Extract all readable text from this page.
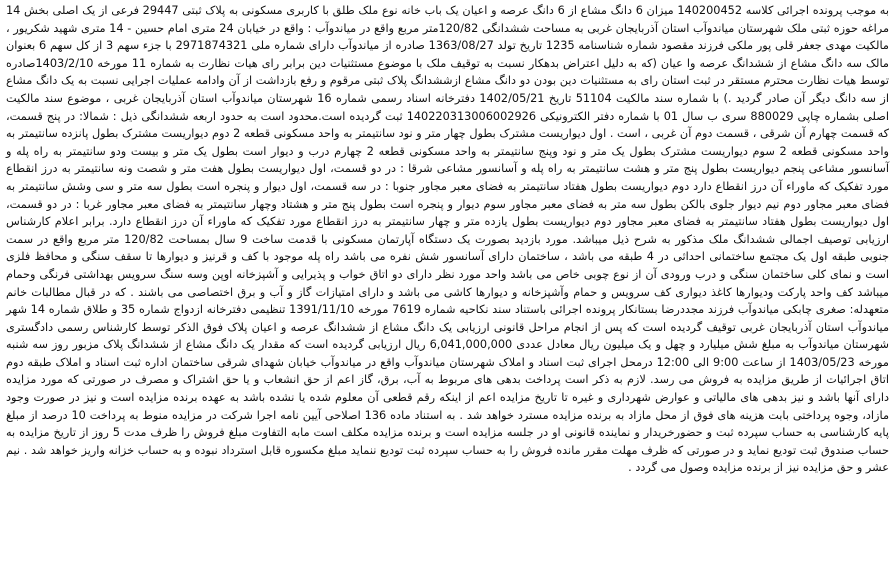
به موجب پرونده اجرائی کلاسه 140200452 میزان 6 دانگ مشاع از 6 دانگ عرصه و اعیان یک باب خانه نوع ملک طلق با کاربری مسکونی به پلاک ثبتی 29447 فرعی از یک اصلی بخش 14 مراغه حوزه ثبتی ملک شهرستان میاندوآب استان آذربایجان غربی به مساحت ششدانگی 120/82متر مربع واقع در میاندوآب : واقع در خیابان 24 متری امام حسین - 14 متری شهید شکریور ، مالکیت مهدی جعفر قلی پور ملکی فرزند مقصود شماره شناسنامه 1235 تاریخ تولد 1363/08/27 صادره از میاندوآب دارای شماره ملی 2971874321 با جزء سهم 3 از کل سهم 6 بعنوان مالک سه دانگ مشاع از ششدانگ عرصه وا عیان (که به دلیل اعتراض بدهکار نسبت به توقیف ملک با موضوع مستثنیات دین برابر رای هیات نظارت به شماره 11 مورخه 1403/2/10صادره توسط هیات نظارت محترم مستقر در ثبت استان رای به مستثنیات دین بودن دو دانگ مشاع ازششدانگ پلاک ثبتی مرقوم و رفع بازداشت از آن وادامه عملیات اجرایی نسبت به یک دانگ مشاع از سه دانگ دیگر آن صادر گردید .) با شماره سند مالکیت 51104 تاریخ 1402/05/21 دفترخانه اسناد رسمی شماره 16 شهرستان میاندوآب استان آذربایجان غربی ، موضوع سند مالکیت اصلی بشماره چاپی 880029 سری ب سال 01 با شماره دفتر الکترونیکی 140220313006002926 ثبت گردیده است.محدود است به حدود اربعه ششدانگی ذیل : شمالا: در پنج قسمت، که قسمت چهارم آن شرقی ، قسمت دوم آن غربی ، است . اول دیواریست مشترک بطول چهار متر و نود سانتیمتر به واحد مسکونی قطعه 2 دوم دیواریست مشترک بطول پانزده سانتیمتر به واحد مسکونی قطعه 2 سوم دیواریست مشترک بطول یک متر و نود وپنج سانتیمتر به واحد مسکونی قطعه 2 چهارم درب و دیوار است بطول یک متر و بیست ودو سانتیمتر به راه پله و آسانسور مشاعی پنجم دیواریست بطول پنج متر و هشت سانتیمتر به راه پله و آسانسور مشاعی شرقا : در دو قسمت، اول دیواریست بطول هفت متر و شصت ونه سانتیمتر به درز انقطاع مورد تفکیک که ماوراء آن درز انقطاع دارد دوم دیواریست بطول هفتاد سانتیمتر به فضای معبر مجاور جنوبا : در سه قسمت، اول دیوار و پنجره است بطول سه متر و سی وشش سانتیمتر به فضای معبر مجاور دوم نیم دیوار جلوی بالکن بطول سه متر به فضای معبر مجاور سوم دیوار و پنجره است بطول پنج متر و هشتاد وچهار سانتیمتر به فضای معبر مجاور غربا : در دو قسمت، اول دیواریست بطول هفتاد سانتیمتر به فضای معبر مجاور دوم دیواریست بطول یازده متر و چهار سانتیمتر به درز انقطاع مورد تفکیک که ماوراء آن درز انقطاع دارد. برابر اعلام کارشناس ارزیابی توصیف اجمالی ششدانگ ملک مذکور به شرح ذیل میباشد. مورد بازدید بصورت یک دستگاه آپارتمان مسکونی با قدمت ساخت 9 سال بمساحت 120/82 متر مربع واقع در سمت جنوبی طبقه اول یک مجتمع ساختمانی احداثی در 4 طبقه می باشد ، ساختمان دارای آسانسور شش نفره می باشد راه پله موجود با کف و قرنیز و دیوارها تا سقف سنگی و محافظ فلزی است و نمای کلی ساختمان سنگی و درب ورودی آن از نوع چوبی خاص می باشد واحد مورد نظر دارای دو اتاق خواب و پذیرایی و آشپزخانه اوپن وسه سنگ سرویس بهداشتی فرنگی وحمام میباشد کف واحد پارکت ودیوارها کاغذ دیواری کف سرویس و حمام وآشپزخانه و دیوارها کاشی می باشد و دارای امتیازات گاز و آب و برق اختصاصی می باشند . که در قبال مطالبات خانم متعهدله: صغری چابکی میاندوآب فرزند مجددرضا بستانکار پرونده اجرائی باستناد سند نکاحیه شماره 7619 مورخه 1391/11/10 تنظیمی دفترخانه ازدواج شماره 35 و طلاق شماره 14 شهر میاندوآب استان آذربایجان غربی توقیف گردیده است که پس از انجام مراحل قانونی ارزیابی یک دانگ مشاع از ششدانگ عرصه و اعیان پلاک فوق الذکر توسط کارشناس رسمی دادگستری شهرستان میاندوآب به مبلغ شش میلیارد و چهل و یک میلیون ریال معادل عددی 6,041,000,000 ریال ارزیابی گردیده است که مقدار یک دانگ مشاع از ششدانگ پلاک مزبور روز سه شنبه مورخه 1403/05/23 از ساعت 9:00 الی 12:00 درمحل اجرای ثبت اسناد و املاک شهرستان میاندوآب واقع در میاندوآب خیابان شهدای شرقی ساختمان اداره ثبت اسناد و املاک طبقه دوم اتاق اجرائیات از طریق مزایده به فروش می رسد. لازم به ذکر است پرداخت بدهی های مربوط به آب، برق، گاز اعم از حق انشعاب و یا حق اشتراک و مصرف در صورتی که مورد مزایده دارای آنها باشد و نیز بدهی های مالیاتی و عوارض شهرداری و غیره تا تاریخ مزایده اعم از اینکه رقم قطعی آن معلوم شده یا نشده باشد به عهده برنده مزایده است و نیز در صورت وجود مازاد، وجوه پرداختی بابت هزینه های فوق از محل مازاد به برنده مزایده مسترد خواهد شد . به استناد ماده 136 اصلاحی آیین نامه اجرا شرکت در مزایده منوط به پرداخت 10 درصد از مبلغ پایه کارشناسی به حساب سپرده ثبت و حضورخریدار و نماینده قانونی او در جلسه مزایده است و برنده مزایده مکلف است مابه التفاوت مبلغ فروش را ظرف مدت 5 روز از تاریخ مزایده به حساب صندوق ثبت تودیع نماید و در صورتی که ظرف مهلت مقرر مانده فروش را به حساب سپرده ثبت تودیع ننماید مبلغ مکسوره قابل استرداد نبوده و به حساب خزانه واریز خواهد شد . نیم عشر و حق مزایده نیز از برنده مزایده وصول می گردد .
